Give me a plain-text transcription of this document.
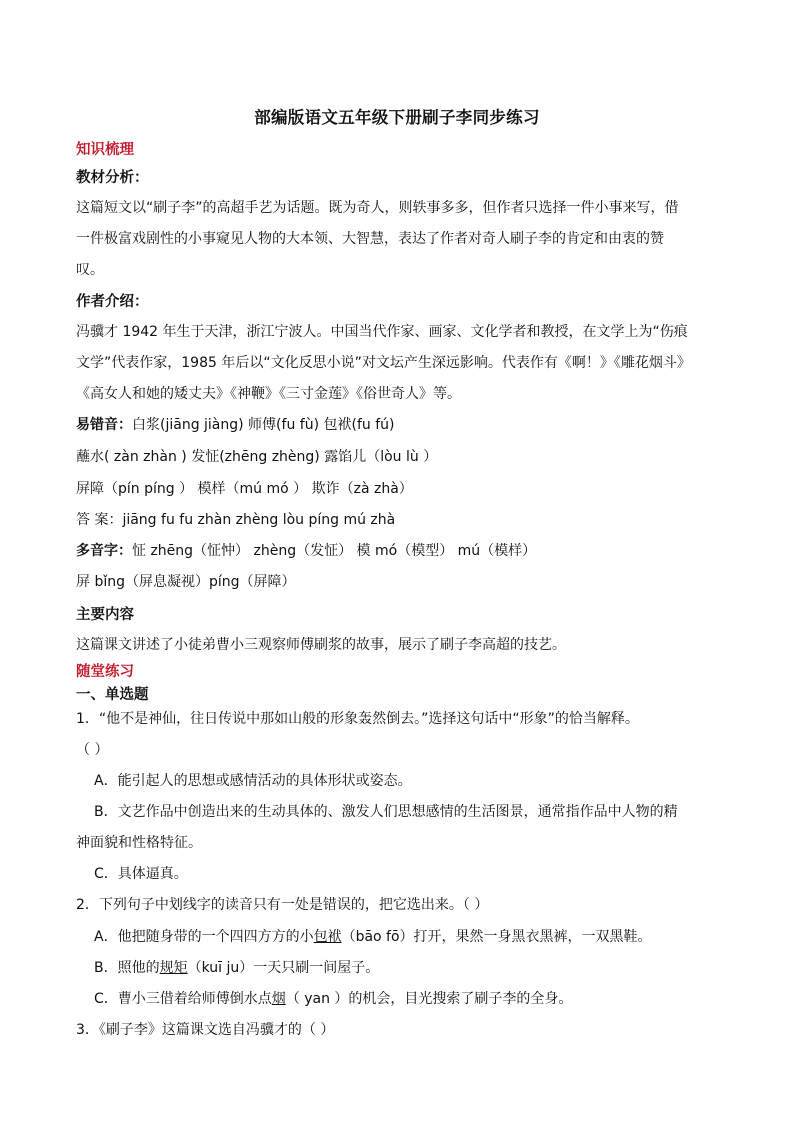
部编版语文五年级下册刷子李同步练习
知识梳理
教材分析：
这篇短文以“刷子李”的高超手艺为话题。既为奇人，则轶事多多，但作者只选择一件小事来写，借
一件极富戏剧性的小事窥见人物的大本领、大智慧，表达了作者对奇人刷子李的肯定和由衷的赞
叹。
作者介绍：
冯骥才 1942 年生于天津，浙江宁波人。中国当代作家、画家、文化学者和教授，在文学上为“伤痕
文学”代表作家，1985 年后以“文化反思小说”对文坛产生深远影响。代表作有《啊！》《雕花烟斗》
《高女人和她的矮丈夫》《神鞭》《三寸金莲》《俗世奇人》等。
易错音：白浆(jiāng jiàng) 师傅(fu fù) 包袱(fu fú)
蘸水( zàn zhàn ) 发怔(zhēng zhèng) 露馅儿（lòu lù ）
屏障（pín píng ） 模样（mú mó ） 欺诈（zà zhà）
答 案：jiāng fu fu zhàn zhèng lòu píng mú zhà
多音字：怔 zhēng（怔忡） zhèng（发怔） 模 mó（模型） mú（模样）
屏 bǐng（屏息凝视）píng（屏障）
主要内容
这篇课文讲述了小徒弟曹小三观察师傅刷浆的故事，展示了刷子李高超的技艺。
随堂练习
一、单选题
1．“他不是神仙，往日传说中那如山般的形象轰然倒去。”选择这句话中“形象”的恰当解释。
（ ）
A．能引起人的思想或感情活动的具体形状或姿态。
B．文艺作品中创造出来的生动具体的、激发人们思想感情的生活图景，通常指作品中人物的精
神面貌和性格特征。
C．具体逼真。
2．下列句子中划线字的读音只有一处是错误的，把它选出来。（ ）
A．他把随身带的一个四四方方的小包袱（bāo fō）打开，果然一身黑衣黑裤，一双黑鞋。
B．照他的规矩（kuī ju）一天只刷一间屋子。
C．曹小三借着给师傅倒水点烟（ yan ）的机会，目光搜索了刷子李的全身。
3．《刷子李》这篇课文选自冯骥才的（ ）
